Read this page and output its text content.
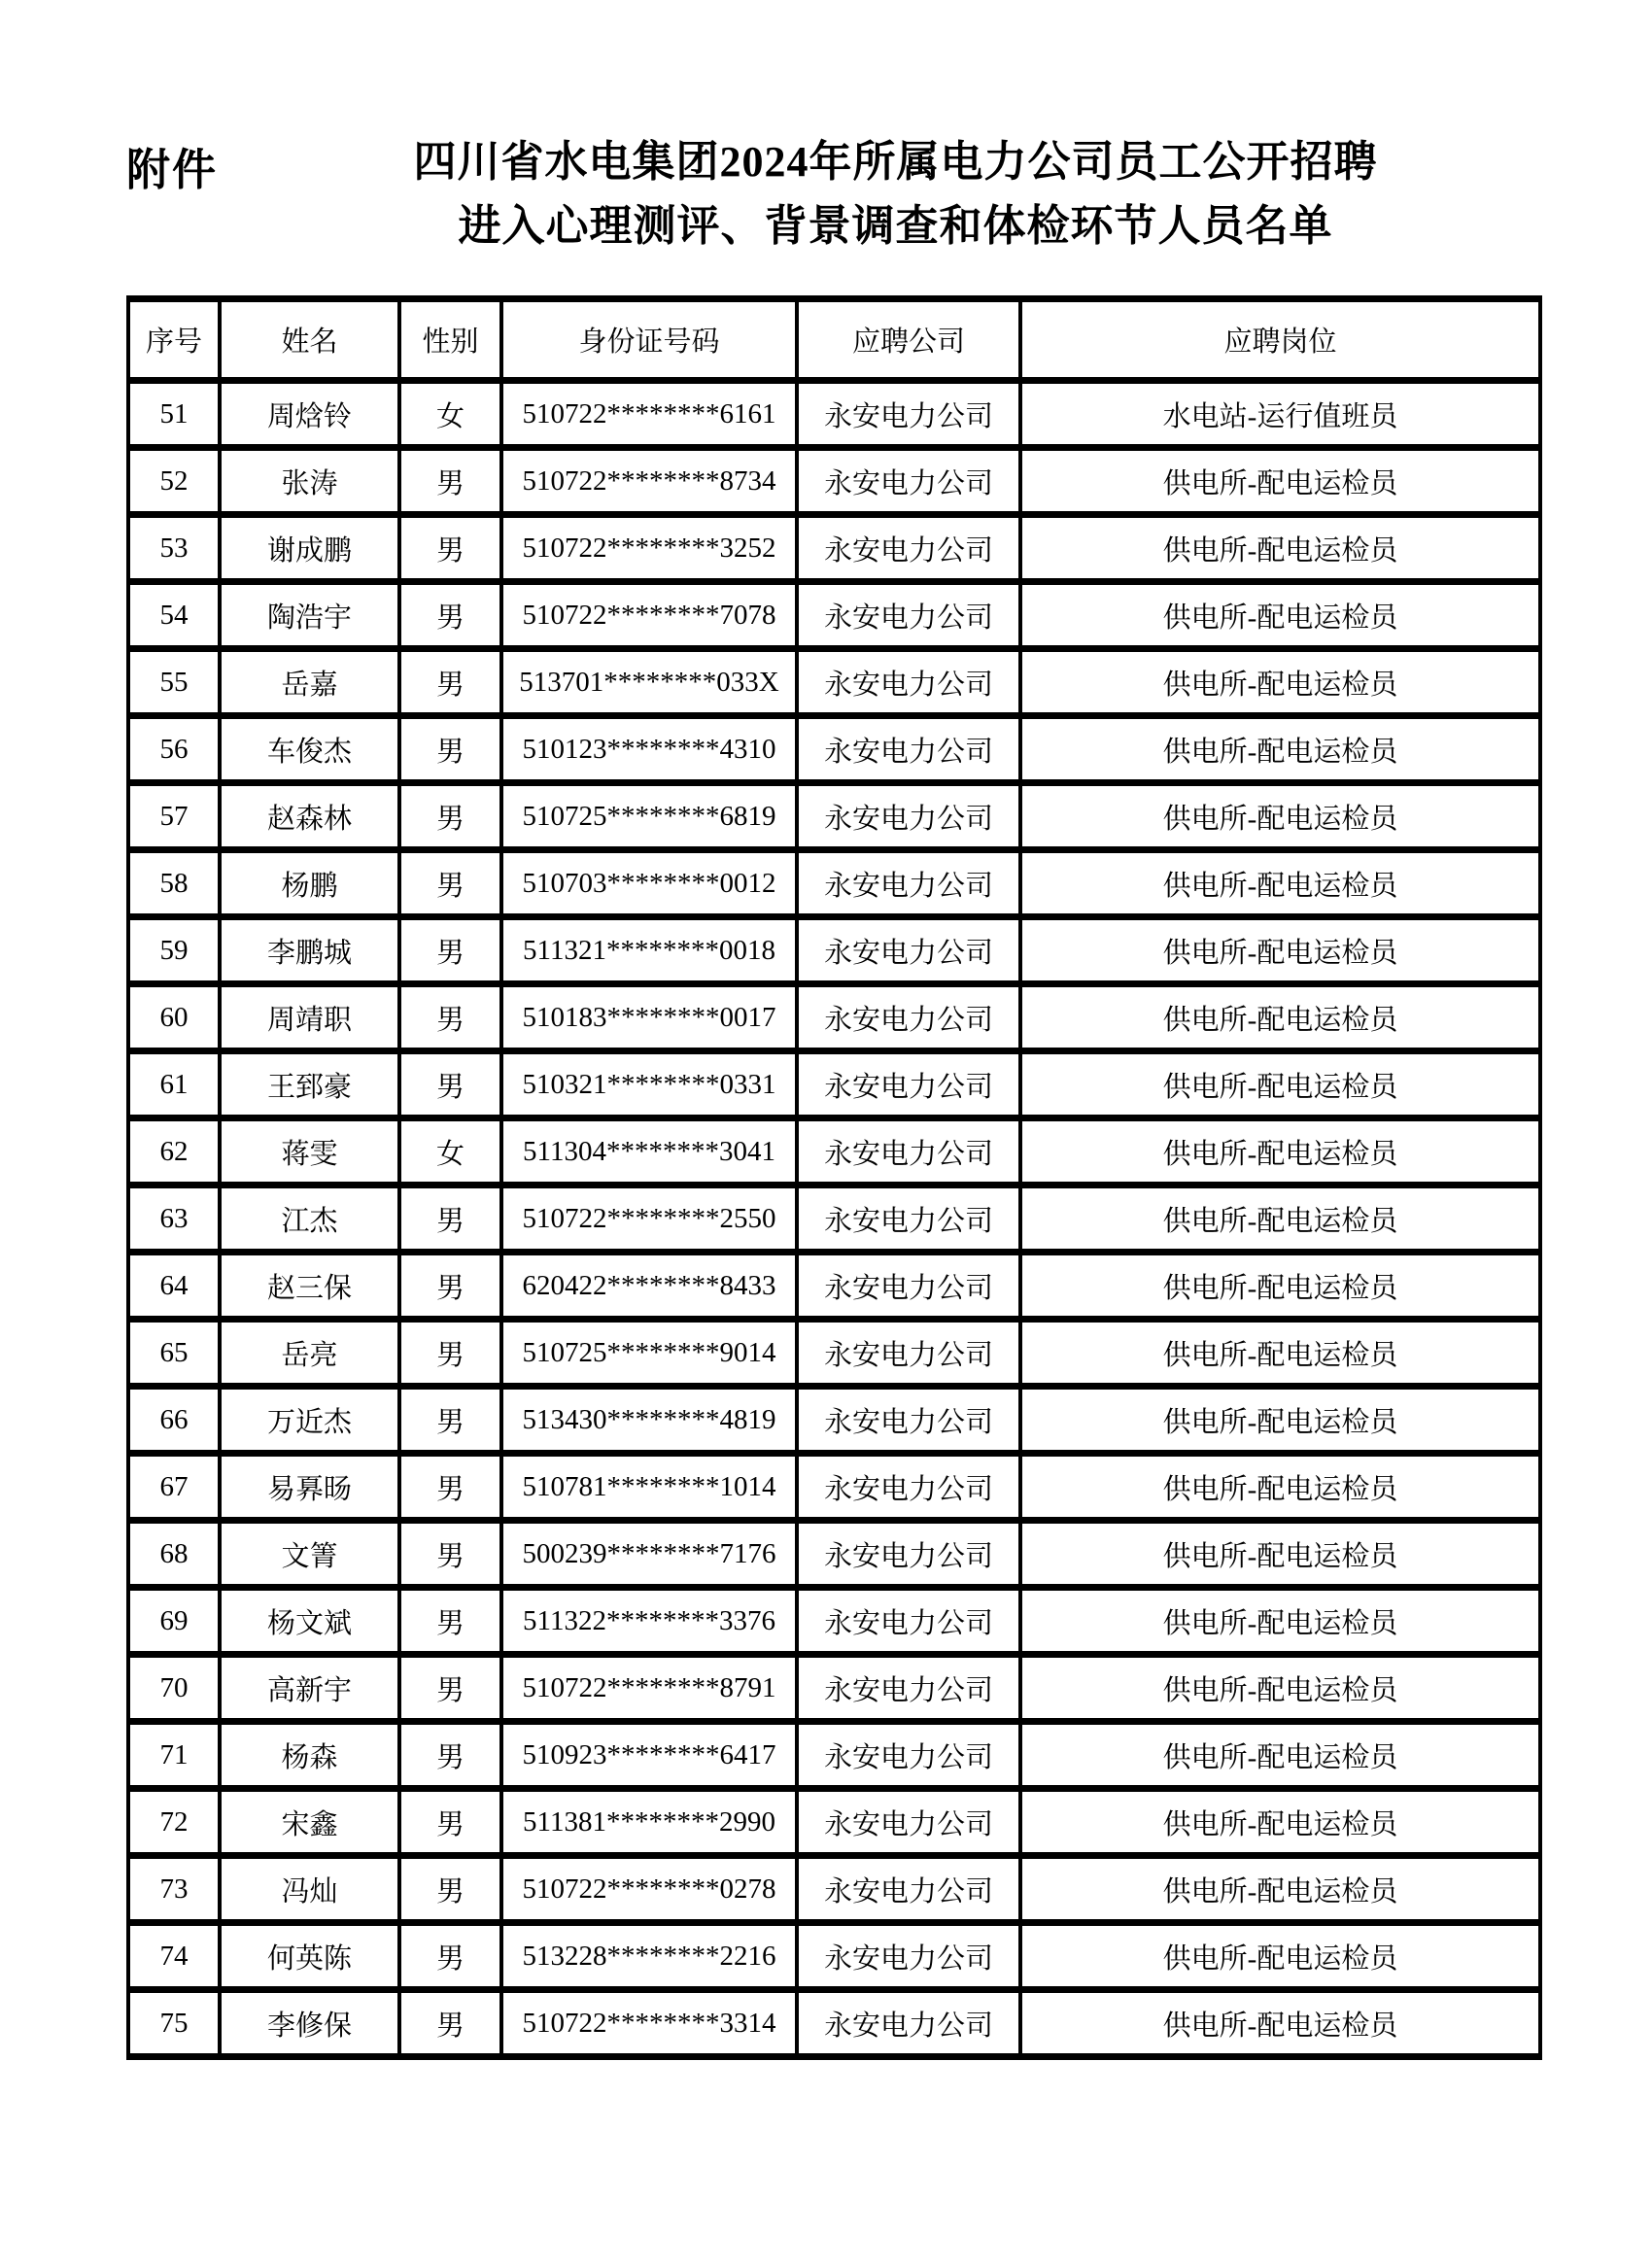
附件	四川省水电集团2024年所属电力公司员工公开招聘
进入心理测评、背景调查和体检环节人员名单
序号	姓名	性别	身份证号码	应聘公司	应聘岗位
51	周焓铃	女	510722********6161	永安电力公司	水电站-运行值班员
52	张涛	男	510722********8734	永安电力公司	供电所-配电运检员
53	谢成鹏	男	510722********3252	永安电力公司	供电所-配电运检员
54	陶浩宇	男	510722********7078	永安电力公司	供电所-配电运检员
55	岳嘉	男	513701********033X	永安电力公司	供电所-配电运检员
56	车俊杰	男	510123********4310	永安电力公司	供电所-配电运检员
57	赵森林	男	510725********6819	永安电力公司	供电所-配电运检员
58	杨鹏	男	510703********0012	永安电力公司	供电所-配电运检员
59	李鹏城	男	511321********0018	永安电力公司	供电所-配电运检员
60	周靖职	男	510183********0017	永安电力公司	供电所-配电运检员
61	王郅豪	男	510321********0331	永安电力公司	供电所-配电运检员
62	蒋雯	女	511304********3041	永安电力公司	供电所-配电运检员
63	江杰	男	510722********2550	永安电力公司	供电所-配电运检员
64	赵三保	男	620422********8433	永安电力公司	供电所-配电运检员
65	岳亮	男	510725********9014	永安电力公司	供电所-配电运检员
66	万近杰	男	513430********4819	永安电力公司	供电所-配电运检员
67	易奡旸	男	510781********1014	永安电力公司	供电所-配电运检员
68	文箐	男	500239********7176	永安电力公司	供电所-配电运检员
69	杨文斌	男	511322********3376	永安电力公司	供电所-配电运检员
70	高新宇	男	510722********8791	永安电力公司	供电所-配电运检员
71	杨森	男	510923********6417	永安电力公司	供电所-配电运检员
72	宋鑫	男	511381********2990	永安电力公司	供电所-配电运检员
73	冯灿	男	510722********0278	永安电力公司	供电所-配电运检员
74	何英陈	男	513228********2216	永安电力公司	供电所-配电运检员
75	李修保	男	510722********3314	永安电力公司	供电所-配电运检员
